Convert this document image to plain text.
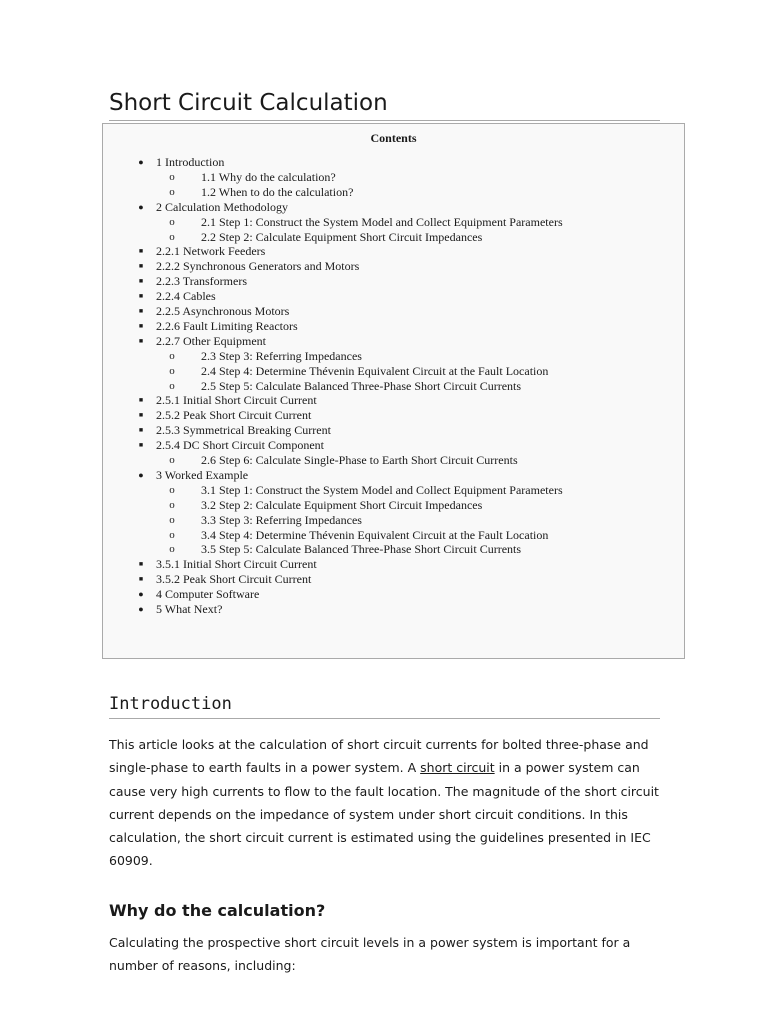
Short Circuit Calculation
Contents
● 1 Introduction
o 1.1 Why do the calculation?
o 1.2 When to do the calculation?
● 2 Calculation Methodology
o 2.1 Step 1: Construct the System Model and Collect Equipment Parameters
o 2.2 Step 2: Calculate Equipment Short Circuit Impedances
■	2.2.1 Network Feeders
■	2.2.2 Synchronous Generators and Motors
■	2.2.3 Transformers
■	2.2.4 Cables
■	2.2.5 Asynchronous Motors
■	2.2.6 Fault Limiting Reactors
■	2.2.7 Other Equipment
o 2.3 Step 3: Referring Impedances
o 2.4 Step 4: Determine Thévenin Equivalent Circuit at the Fault Location
o 2.5 Step 5: Calculate Balanced Three-Phase Short Circuit Currents
■	2.5.1 Initial Short Circuit Current
■	2.5.2 Peak Short Circuit Current
■	2.5.3 Symmetrical Breaking Current
■	2.5.4 DC Short Circuit Component
o 2.6 Step 6: Calculate Single-Phase to Earth Short Circuit Currents
● 3 Worked Example
o 3.1 Step 1: Construct the System Model and Collect Equipment Parameters
o 3.2 Step 2: Calculate Equipment Short Circuit Impedances
o 3.3 Step 3: Referring Impedances
o 3.4 Step 4: Determine Thévenin Equivalent Circuit at the Fault Location
o 3.5 Step 5: Calculate Balanced Three-Phase Short Circuit Currents
■	3.5.1 Initial Short Circuit Current
■	3.5.2 Peak Short Circuit Current
● 4 Computer Software
● 5 What Next?
Introduction

This article looks at the calculation of short circuit currents for bolted three-phase and single-phase to earth faults in a power system. A short circuit in a power system can cause very high currents to flow to the fault location. The magnitude of the short circuit current depends on the impedance of system under short circuit conditions. In this calculation, the short circuit current is estimated using the guidelines presented in IEC 60909.

Why do the calculation?

Calculating the prospective short circuit levels in a power system is important for a number of reasons, including:
